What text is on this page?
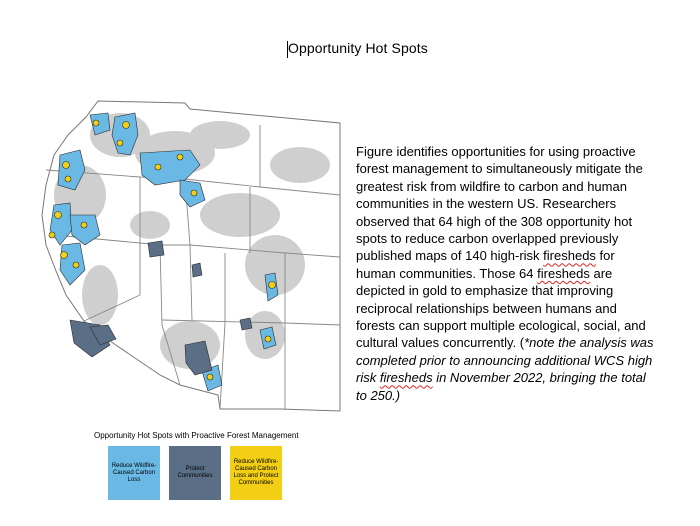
Opportunity Hot Spots
Figure identifies opportunities for using proactive forest management to simultaneously mitigate the greatest risk from wildfire to carbon and human communities in the western US. Researchers observed that 64 high of the 308 opportunity hot spots to reduce carbon overlapped previously published maps of 140 high-risk firesheds for human communities. Those 64 firesheds are depicted in gold to emphasize that improving reciprocal relationships between humans and forests can support multiple ecological, social, and cultural values concurrently. (*note the analysis was completed prior to announcing additional WCS high risk firesheds in November 2022, bringing the total to 250.)
Opportunity Hot Spots with Proactive Forest Management
Reduce Wildfire-Caused Carbon Loss
Protect Communities
Reduce Wildfire-Caused Carbon Loss and Protect Communities
